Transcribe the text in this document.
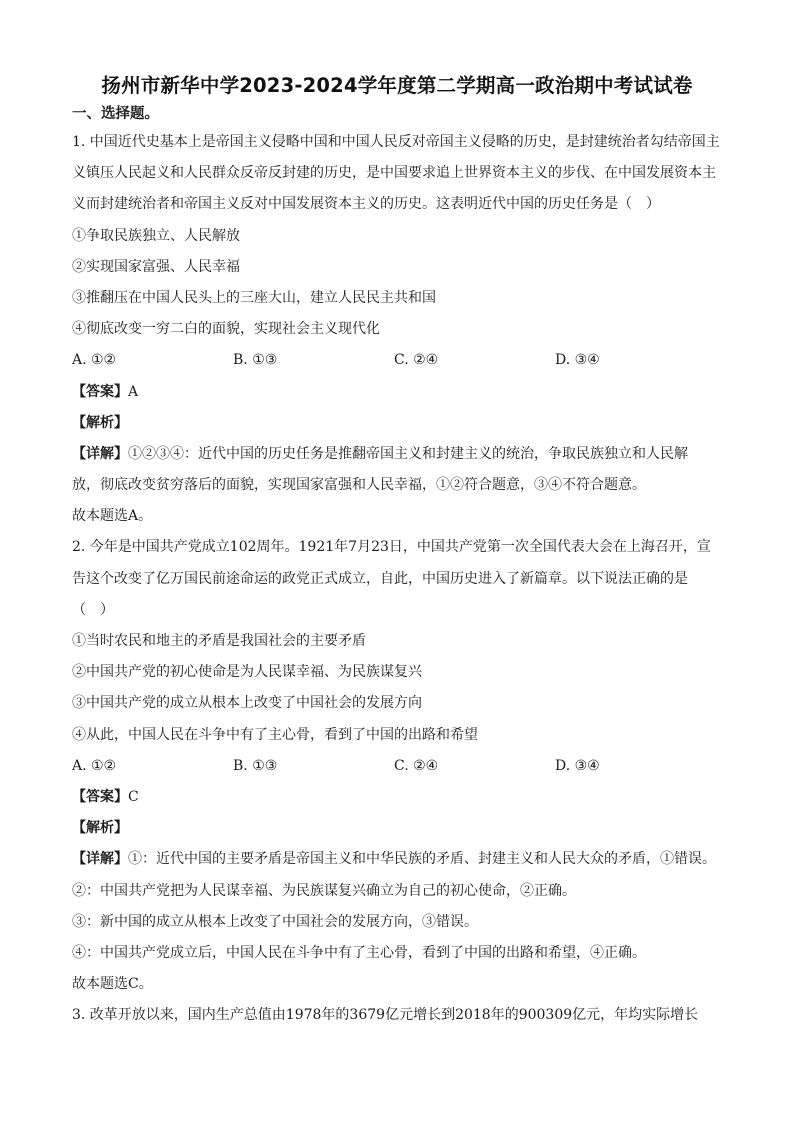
扬州市新华中学2023-2024学年度第二学期高一政治期中考试试卷
一、选择题。
1. 中国近代史基本上是帝国主义侵略中国和中国人民反对帝国主义侵略的历史，是封建统治者勾结帝国主
义镇压人民起义和人民群众反帝反封建的历史，是中国要求追上世界资本主义的步伐、在中国发展资本主
义而封建统治者和帝国主义反对中国发展资本主义的历史。这表明近代中国的历史任务是（　）
①争取民族独立、人民解放
②实现国家富强、人民幸福
③推翻压在中国人民头上的三座大山，建立人民民主共和国
④彻底改变一穷二白的面貌，实现社会主义现代化
A. ①②	B. ①③	C. ②④	D. ③④
【答案】A
【解析】
【详解】①②③④：近代中国的历史任务是推翻帝国主义和封建主义的统治，争取民族独立和人民解
放，彻底改变贫穷落后的面貌，实现国家富强和人民幸福，①②符合题意，③④不符合题意。
故本题选A。
2. 今年是中国共产党成立102周年。1921年7月23日，中国共产党第一次全国代表大会在上海召开，宣
告这个改变了亿万国民前途命运的政党正式成立，自此，中国历史进入了新篇章。以下说法正确的是
（　）
①当时农民和地主的矛盾是我国社会的主要矛盾
②中国共产党的初心使命是为人民谋幸福、为民族谋复兴
③中国共产党的成立从根本上改变了中国社会的发展方向
④从此，中国人民在斗争中有了主心骨，看到了中国的出路和希望
A. ①②	B. ①③	C. ②④	D. ③④
【答案】C
【解析】
【详解】①：近代中国的主要矛盾是帝国主义和中华民族的矛盾、封建主义和人民大众的矛盾，①错误。
②：中国共产党把为人民谋幸福、为民族谋复兴确立为自己的初心使命，②正确。
③：新中国的成立从根本上改变了中国社会的发展方向，③错误。
④：中国共产党成立后，中国人民在斗争中有了主心骨，看到了中国的出路和希望，④正确。
故本题选C。
3. 改革开放以来，国内生产总值由1978年的3679亿元增长到2018年的900309亿元，年均实际增长
